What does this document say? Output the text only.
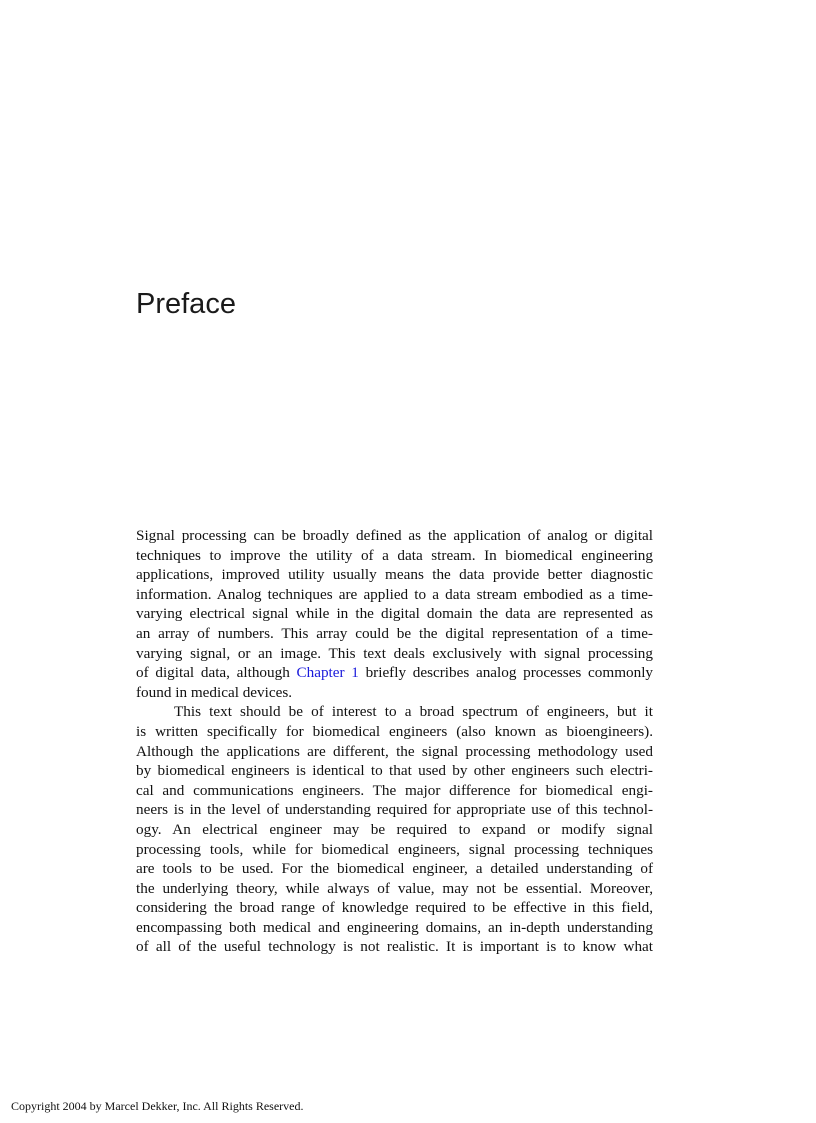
Preface

Signal processing can be broadly defined as the application of analog or digital
techniques to improve the utility of a data stream. In biomedical engineering
applications, improved utility usually means the data provide better diagnostic
information. Analog techniques are applied to a data stream embodied as a time-
varying electrical signal while in the digital domain the data are represented as
an array of numbers. This array could be the digital representation of a time-
varying signal, or an image. This text deals exclusively with signal processing
of digital data, although Chapter 1 briefly describes analog processes commonly
found in medical devices.

This text should be of interest to a broad spectrum of engineers, but it
is written specifically for biomedical engineers (also known as bioengineers).
Although the applications are different, the signal processing methodology used
by biomedical engineers is identical to that used by other engineers such electri-
cal and communications engineers. The major difference for biomedical engi-
neers is in the level of understanding required for appropriate use of this technol-
ogy. An electrical engineer may be required to expand or modify signal
processing tools, while for biomedical engineers, signal processing techniques
are tools to be used. For the biomedical engineer, a detailed understanding of
the underlying theory, while always of value, may not be essential. Moreover,
considering the broad range of knowledge required to be effective in this field,
encompassing both medical and engineering domains, an in-depth understanding
of all of the useful technology is not realistic. It is important is to know what

Copyright 2004 by Marcel Dekker, Inc. All Rights Reserved.
